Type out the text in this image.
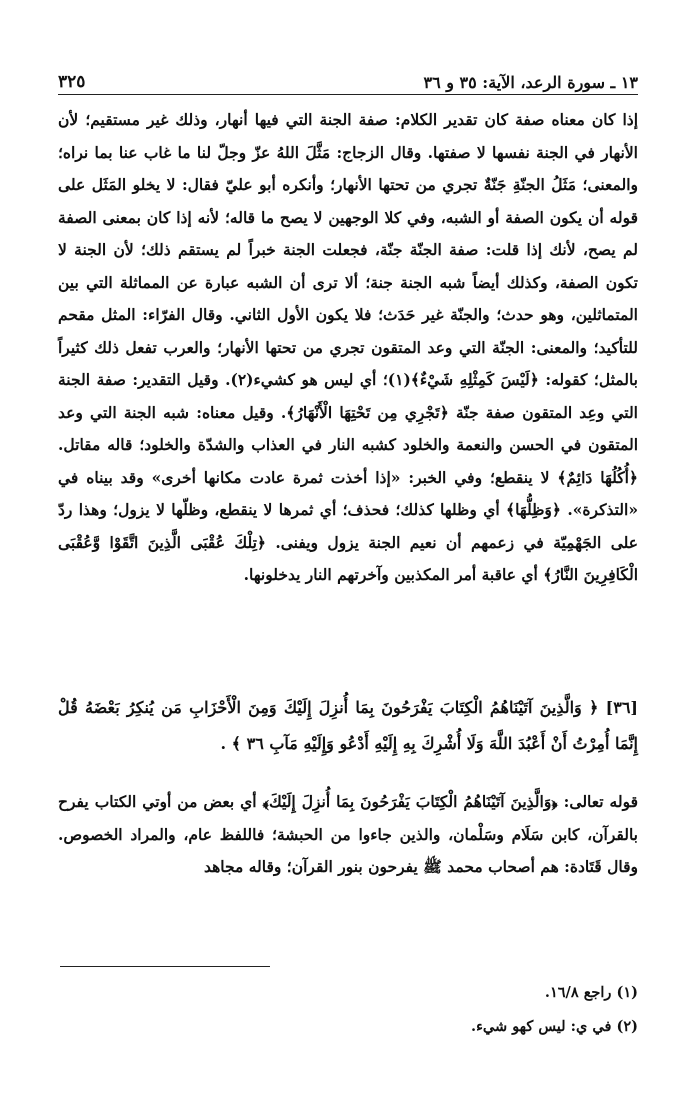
١٣ ـ سورة الرعد، الآية: ٣٥ و ٣٦
٣٢٥

إذا كان معناه صفة كان تقدير الكلام: صفة الجنة التي فيها أنهار، وذلك غير مستقيم؛ لأن الأنهار في الجنة نفسها لا صفتها. وقال الزجاج: مَثَّلَ اللهُ عزّ وجلّ لنا ما غاب عنا بما نراه؛ والمعنى؛ مَثَلُ الجنّةِ جَنّةٌ تجري من تحتها الأنهار؛ وأنكره أبو عليّ فقال: لا يخلو المَثَل على قوله أن يكون الصفة أو الشبه، وفي كلا الوجهين لا يصح ما قاله؛ لأنه إذا كان بمعنى الصفة لم يصح، لأنك إذا قلت: صفة الجنّة جنّة، فجعلت الجنة خبراً لم يستقم ذلك؛ لأن الجنة لا تكون الصفة، وكذلك أيضاً شبه الجنة جنة؛ ألا ترى أن الشبه عبارة عن المماثلة التي بين المتماثلين، وهو حدث؛ والجنّة غير حَدَث؛ فلا يكون الأول الثاني. وقال الفرّاء: المثل مقحم للتأكيد؛ والمعنى: الجنّة التي وعد المتقون تجري من تحتها الأنهار؛ والعرب تفعل ذلك كثيراً بالمثل؛ كقوله: ﴿لَيْسَ كَمِثْلِهِ شَيْءٌ﴾(١)؛ أي ليس هو كشيء(٢). وقيل التقدير: صفة الجنة التي وعِد المتقون صفة جنّة ﴿تَجْرِي مِن تَحْتِهَا الْأَنْهَارُ﴾. وقيل معناه: شبه الجنة التي وعد المتقون في الحسن والنعمة والخلود كشبه النار في العذاب والشدّة والخلود؛ قاله مقاتل. ﴿أُكُلُهَا دَائِمٌ﴾ لا ينقطع؛ وفي الخبر: «إذا أخذت ثمرة عادت مكانها أخرى» وقد بيناه في «التذكرة». ﴿وَظِلُّهَا﴾ أي وظلها كذلك؛ فحذف؛ أي ثمرها لا ينقطع، وظلّها لا يزول؛ وهذا ردّ على الجَهْمِيّة في زعمهم أن نعيم الجنة يزول ويفنى. ﴿تِلْكَ عُقْبَى الَّذِينَ اتَّقَوْا وَّعُقْبَى الْكَافِرِينَ النَّارُ﴾ أي عاقبة أمر المكذبين وآخرتهم النار يدخلونها.

[٣٦] ﴿ وَالَّذِينَ آتَيْنَاهُمُ الْكِتَابَ يَفْرَحُونَ بِمَا أُنزِلَ إِلَيْكَ وَمِنَ الْأَحْزَابِ مَن يُنكِرُ بَعْضَهُ قُلْ إِنَّمَا أُمِرْتُ أَنْ أَعْبُدَ اللَّهَ وَلَا أُشْرِكَ بِهِ إِلَيْهِ أَدْعُو وَإِلَيْهِ مَآبِ ٣٦ ﴾ .

قوله تعالى: ﴿وَالَّذِينَ آتَيْنَاهُمُ الْكِتَابَ يَفْرَحُونَ بِمَا أُنزِلَ إِلَيْكَ﴾ أي بعض من أوتي الكتاب يفرح بالقرآن، كابن سَلَام وسَلْمان، والذين جاءوا من الحبشة؛ فاللفظ عام، والمراد الخصوص. وقال قَتَادة: هم أصحاب محمد ﷺ يفرحون بنور القرآن؛ وقاله مجاهد

(١) راجع ١٦/٨.

(٢) في ي: ليس كهو شيء.
